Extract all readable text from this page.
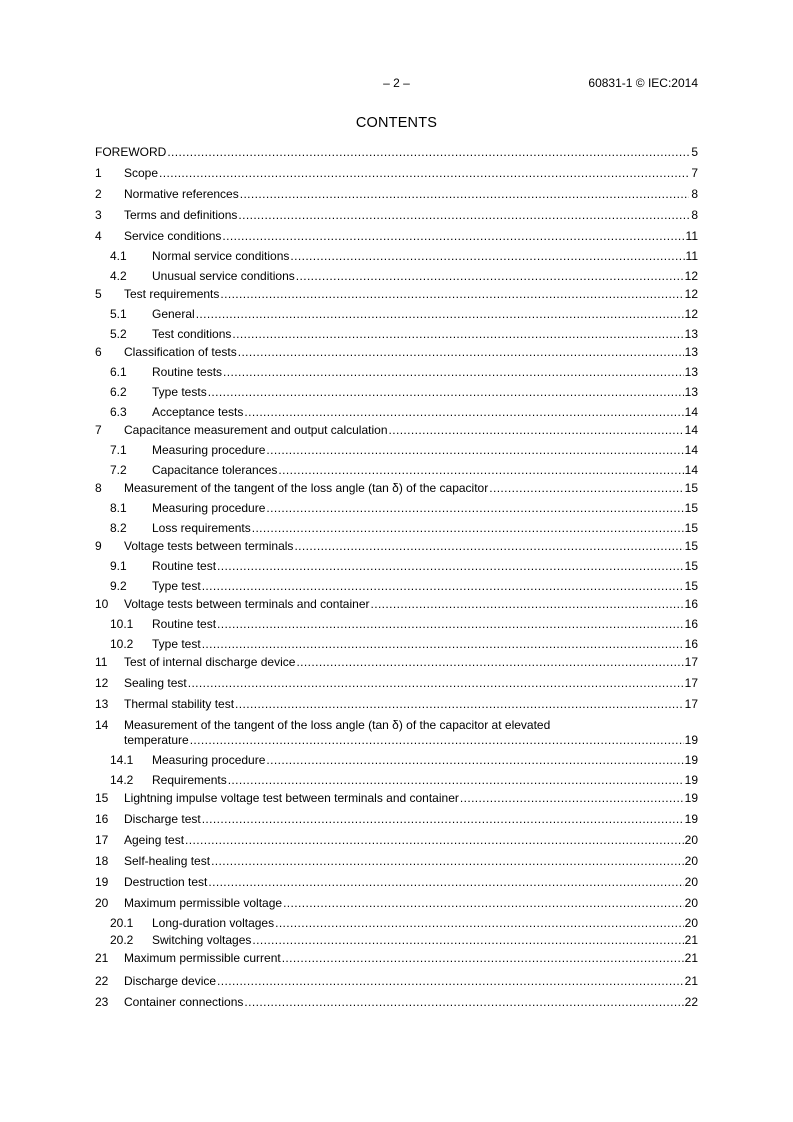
– 2 –	60831-1 © IEC:2014
CONTENTS
FOREWORD .....	5
1	Scope .....	7
2	Normative references .....	8
3	Terms and definitions .....	8
4	Service conditions .....	11
4.1	Normal service conditions .....	11
4.2	Unusual service conditions .....	12
5	Test requirements .....	12
5.1	General .....	12
5.2	Test conditions .....	13
6	Classification of tests .....	13
6.1	Routine tests .....	13
6.2	Type tests .....	13
6.3	Acceptance tests .....	14
7	Capacitance measurement and output calculation .....	14
7.1	Measuring procedure .....	14
7.2	Capacitance tolerances .....	14
8	Measurement of the tangent of the loss angle (tan δ) of the capacitor .....	15
8.1	Measuring procedure .....	15
8.2	Loss requirements .....	15
9	Voltage tests between terminals .....	15
9.1	Routine test .....	15
9.2	Type test .....	15
10	Voltage tests between terminals and container .....	16
10.1	Routine test .....	16
10.2	Type test .....	16
11	Test of internal discharge device .....	17
12	Sealing test .....	17
13	Thermal stability test .....	17
14	Measurement of the tangent of the loss angle (tan δ) of the capacitor at elevated
temperature .....	19
14.1	Measuring procedure .....	19
14.2	Requirements .....	19
15	Lightning impulse voltage test between terminals and container .....	19
16	Discharge test .....	19
17	Ageing test .....	20
18	Self-healing test .....	20
19	Destruction test .....	20
20	Maximum permissible voltage .....	20
20.1	Long-duration voltages .....	20
20.2	Switching voltages .....	21
21	Maximum permissible current .....	21
22	Discharge device .....	21
23	Container connections .....	22
